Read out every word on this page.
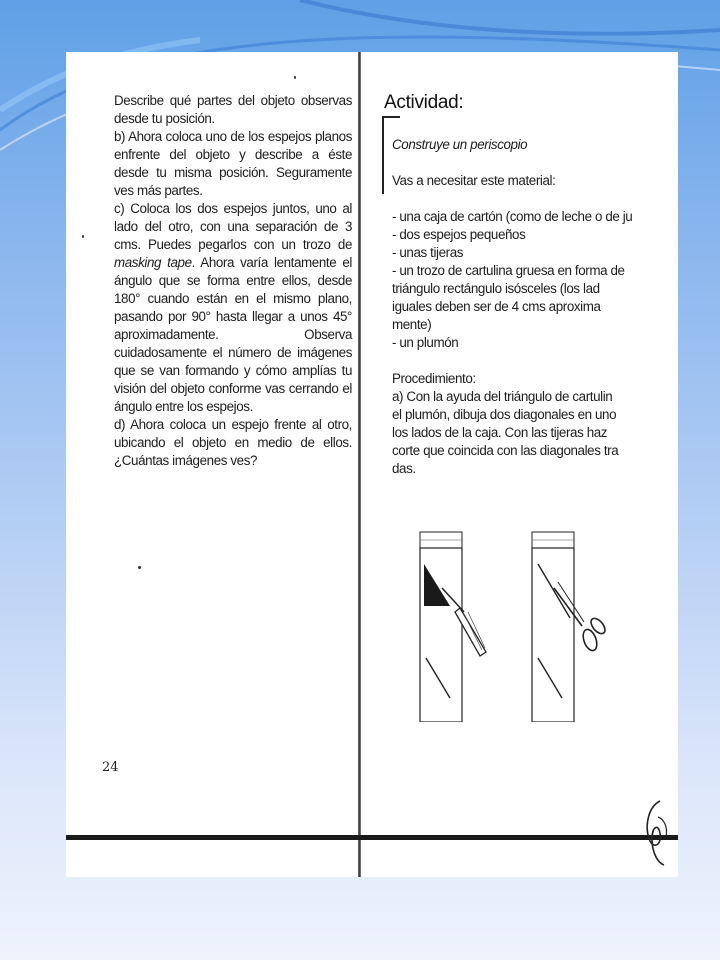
Describe qué partes del objeto observas desde tu posición.

b) Ahora coloca uno de los espejos planos enfrente del objeto y describe a éste desde tu misma posición. Seguramente ves más partes.

c) Coloca los dos espejos juntos, uno al lado del otro, con una separación de 3 cms. Puedes pegarlos con un trozo de masking tape. Ahora varía lentamente el ángulo que se forma entre ellos, desde 180° cuando están en el mismo plano, pasando por 90° hasta llegar a unos 45° aproximadamente. Observa cuidadosamente el número de imágenes que se van formando y cómo amplías tu visión del objeto conforme vas cerrando el ángulo entre los espejos.

d) Ahora coloca un espejo frente al otro, ubicando el objeto en medio de ellos. ¿Cuántas imágenes ves?

24
Actividad:
Construye un periscopio
Vas a necesitar este material:
- una caja de cartón (como de leche o de ju
- dos espejos pequeños
- unas tijeras
- un trozo de cartulina gruesa en forma de
triángulo rectángulo isósceles (los lad
iguales deben ser de 4 cms aproxima
mente)
- un plumón
Procedimiento:
a) Con la ayuda del triángulo de cartulin
el plumón, dibuja dos diagonales en uno
los lados de la caja. Con las tijeras haz
corte que coincida con las diagonales tra
das.
